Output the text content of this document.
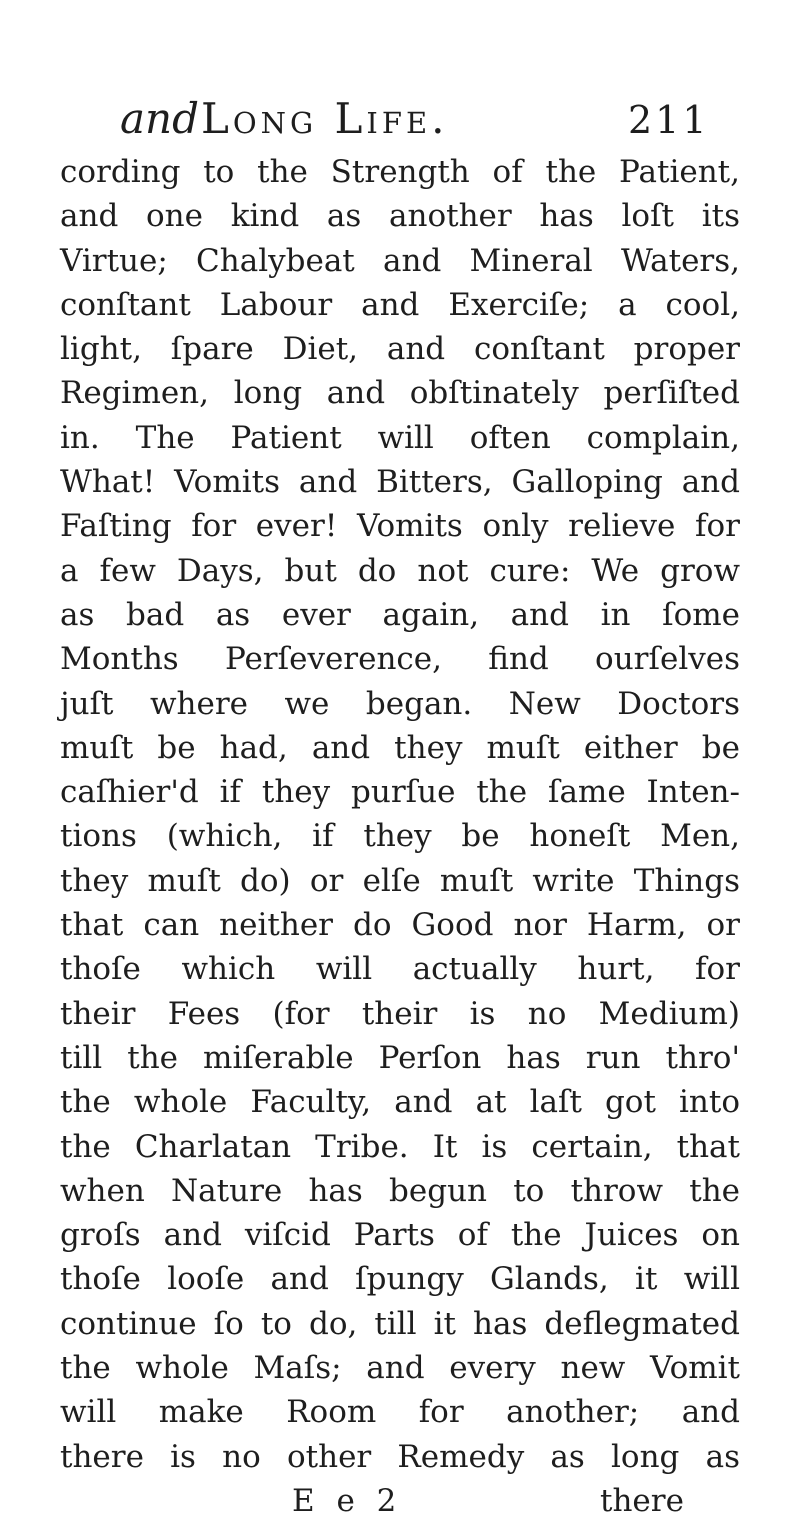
andLong Life.	211
cording to the Strength of the Patient,
and one kind as another has loſt its
Virtue; Chalybeat and Mineral Waters,
conſtant Labour and Exerciſe; a cool,
light, ſpare Diet, and conſtant proper
Regimen, long and obſtinately perſiſted
in. The Patient will often complain,
What! Vomits and Bitters, Galloping and
Faſting for ever! Vomits only relieve for
a few Days, but do not cure: We grow
as bad as ever again, and in ſome
Months Perſeverence, find ourſelves
juſt where we began. New Doctors
muſt be had, and they muſt either be
caſhier'd if they purſue the ſame Inten-
tions (which, if they be honeſt Men,
they muſt do) or elſe muſt write Things
that can neither do Good nor Harm, or
thoſe which will actually hurt, for
their Fees (for their is no Medium)
till the miſerable Perſon has run thro'
the whole Faculty, and at laſt got into
the Charlatan Tribe. It is certain, that
when Nature has begun to throw the
groſs and viſcid Parts of the Juices on
thoſe looſe and ſpungy Glands, it will
continue ſo to do, till it has deflegmated
the whole Maſs; and every new Vomit
will make Room for another; and
there is no other Remedy as long as
E e 2	there
